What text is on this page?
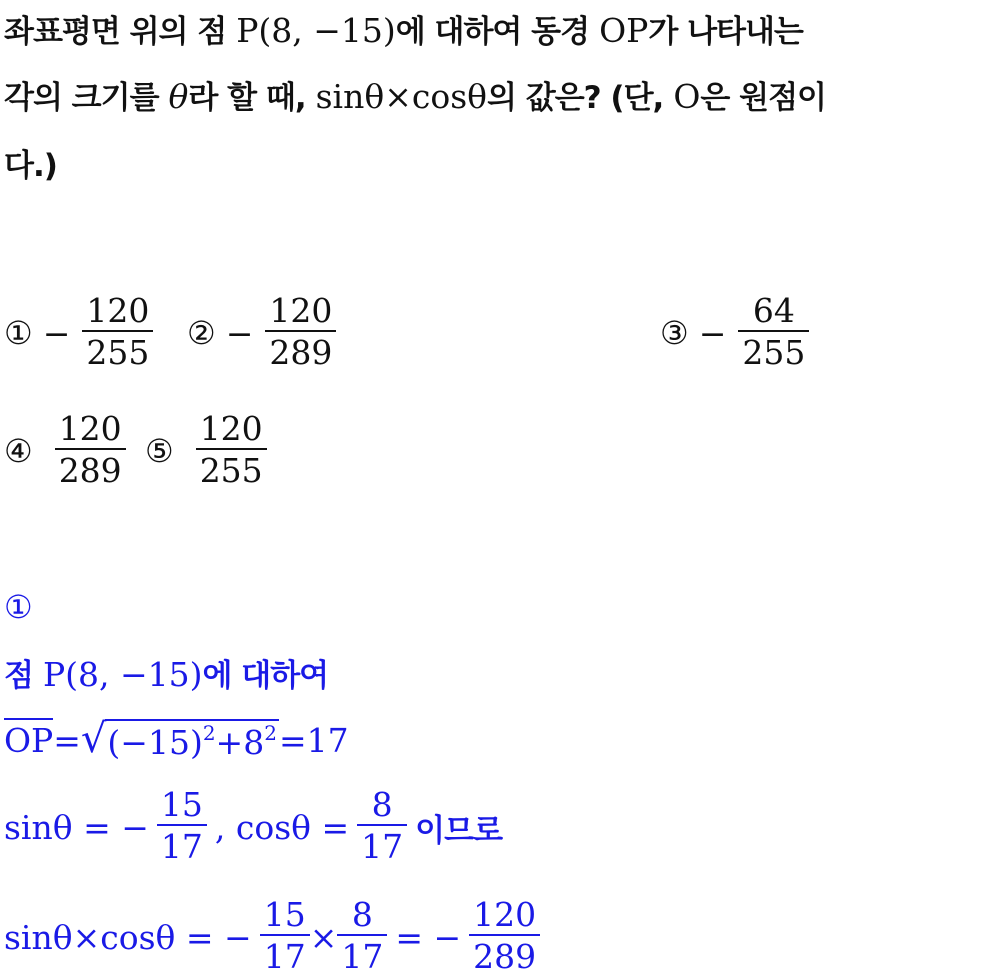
좌표평면 위의 점 P(8, −15) 에 대하여 동경 OP 가 나타내는
각의 크기를 θ 라 할 때, sinθ×cosθ 의 값은? (단, O 은 원점이
다.)
① − $\frac{120}{255}$ ② − $\frac{120}{289}$	③ − $\frac{64}{255}$
④ $\frac{120}{289}$ ⑤ $\frac{120}{255}$
①
점 P(8, −15) 에 대하여
OP = √ $(-15)^2+8^2 =17$
sinθ = − $\frac{15}{17}$ , $\cos\theta = \frac{8}{17}$ 이므로
sinθ×cosθ = − $\frac{15}{17} \times \frac{8}{17}$ = − $\frac{120}{289}$
